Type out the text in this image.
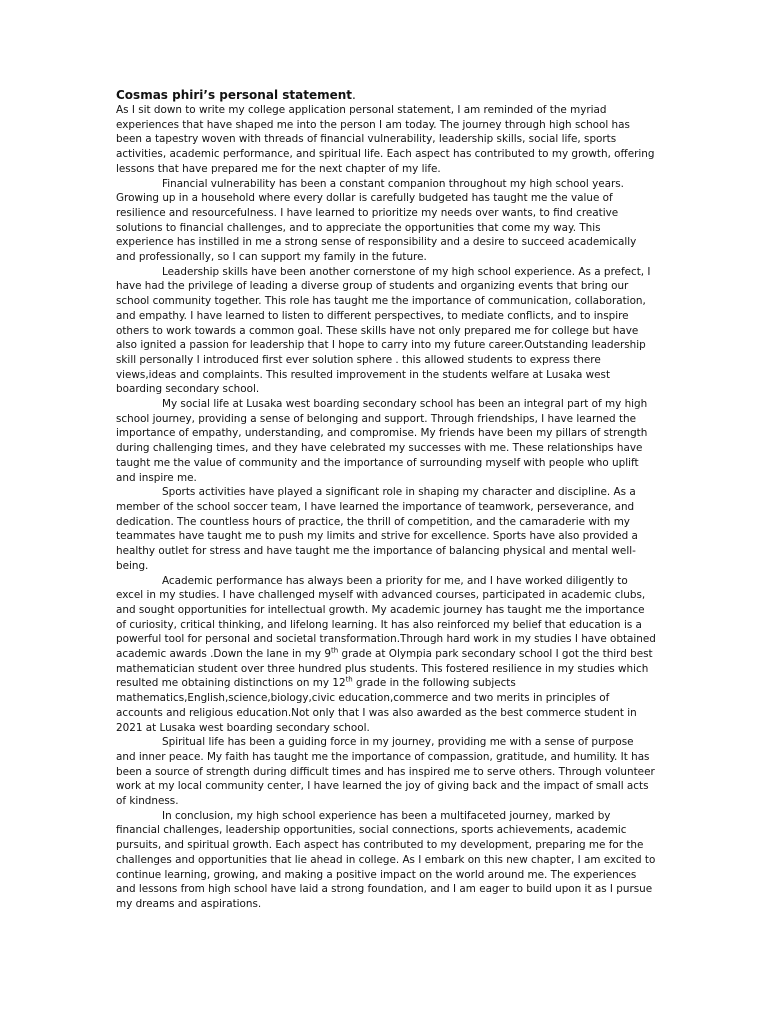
Cosmas phiri’s personal statement.

As I sit down to write my college application personal statement, I am reminded of the myriad experiences that have shaped me into the person I am today. The journey through high school has been a tapestry woven with threads of financial vulnerability, leadership skills, social life, sports activities, academic performance, and spiritual life. Each aspect has contributed to my growth, offering lessons that have prepared me for the next chapter of my life.

Financial vulnerability has been a constant companion throughout my high school years. Growing up in a household where every dollar is carefully budgeted has taught me the value of resilience and resourcefulness. I have learned to prioritize my needs over wants, to find creative solutions to financial challenges, and to appreciate the opportunities that come my way. This experience has instilled in me a strong sense of responsibility and a desire to succeed academically and professionally, so I can support my family in the future.

Leadership skills have been another cornerstone of my high school experience. As a prefect, I have had the privilege of leading a diverse group of students and organizing events that bring our school community together. This role has taught me the importance of communication, collaboration, and empathy. I have learned to listen to different perspectives, to mediate conflicts, and to inspire others to work towards a common goal. These skills have not only prepared me for college but have also ignited a passion for leadership that I hope to carry into my future career.Outstanding leadership skill personally I introduced first ever solution sphere . this allowed students to express there views,ideas and complaints. This resulted improvement in the students welfare at Lusaka west boarding secondary school.

My social life at Lusaka west boarding secondary school has been an integral part of my high school journey, providing a sense of belonging and support. Through friendships, I have learned the importance of empathy, understanding, and compromise. My friends have been my pillars of strength during challenging times, and they have celebrated my successes with me. These relationships have taught me the value of community and the importance of surrounding myself with people who uplift and inspire me.

Sports activities have played a significant role in shaping my character and discipline. As a member of the school soccer team, I have learned the importance of teamwork, perseverance, and dedication. The countless hours of practice, the thrill of competition, and the camaraderie with my teammates have taught me to push my limits and strive for excellence. Sports have also provided a healthy outlet for stress and have taught me the importance of balancing physical and mental well-being.

Academic performance has always been a priority for me, and I have worked diligently to excel in my studies. I have challenged myself with advanced courses, participated in academic clubs, and sought opportunities for intellectual growth. My academic journey has taught me the importance of curiosity, critical thinking, and lifelong learning. It has also reinforced my belief that education is a powerful tool for personal and societal transformation.Through hard work in my studies I have obtained academic awards .Down the lane in my 9th grade at Olympia park secondary school I got the third best mathematician student over three hundred plus students. This fostered resilience in my studies which resulted me obtaining distinctions on my 12th grade in the following subjects mathematics,English,science,biology,civic education,commerce and two merits in principles of accounts and religious education.Not only that I was also awarded as the best commerce student in 2021 at Lusaka west boarding secondary school.

Spiritual life has been a guiding force in my journey, providing me with a sense of purpose and inner peace. My faith has taught me the importance of compassion, gratitude, and humility. It has been a source of strength during difficult times and has inspired me to serve others. Through volunteer work at my local community center, I have learned the joy of giving back and the impact of small acts of kindness.

In conclusion, my high school experience has been a multifaceted journey, marked by financial challenges, leadership opportunities, social connections, sports achievements, academic pursuits, and spiritual growth. Each aspect has contributed to my development, preparing me for the challenges and opportunities that lie ahead in college. As I embark on this new chapter, I am excited to continue learning, growing, and making a positive impact on the world around me. The experiences and lessons from high school have laid a strong foundation, and I am eager to build upon it as I pursue my dreams and aspirations.
